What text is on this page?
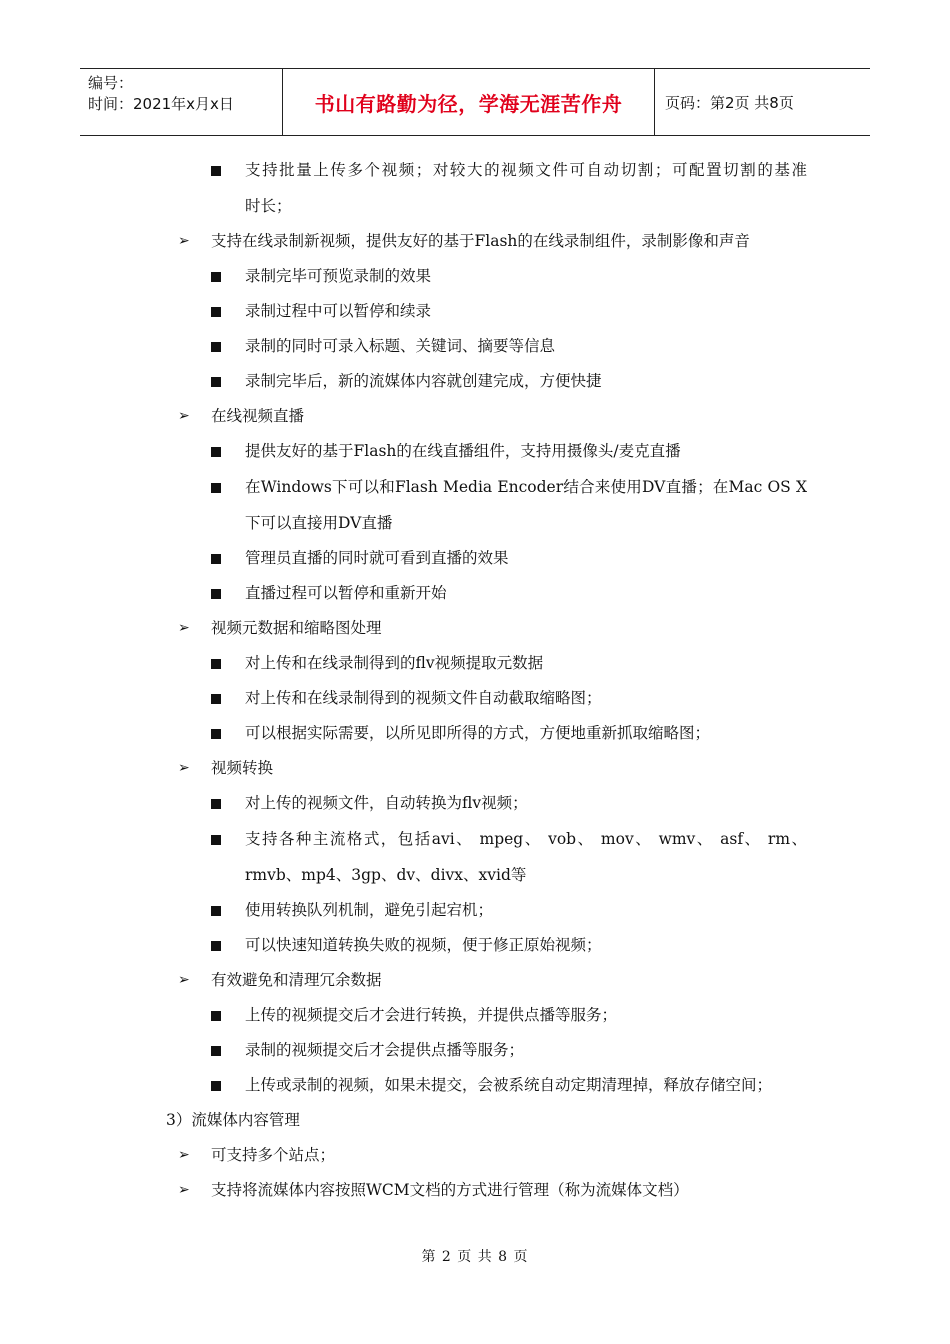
编号：
时间：2021年x月x日	书山有路勤为径，学海无涯苦作舟	页码：第2页 共8页
支持批量上传多个视频；对较大的视频文件可自动切割；可配置切割的基准
时长；
➢ 支持在线录制新视频，提供友好的基于Flash的在线录制组件，录制影像和声音
录制完毕可预览录制的效果
录制过程中可以暂停和续录
录制的同时可录入标题、关键词、摘要等信息
录制完毕后，新的流媒体内容就创建完成，方便快捷
➢ 在线视频直播
提供友好的基于Flash的在线直播组件，支持用摄像头/麦克直播
在Windows下可以和Flash Media Encoder结合来使用DV直播；在Mac OS X
下可以直接用DV直播
管理员直播的同时就可看到直播的效果
直播过程可以暂停和重新开始
➢ 视频元数据和缩略图处理
对上传和在线录制得到的flv视频提取元数据
对上传和在线录制得到的视频文件自动截取缩略图；
可以根据实际需要，以所见即所得的方式，方便地重新抓取缩略图；
➢ 视频转换
对上传的视频文件，自动转换为flv视频；
支持各种主流格式，包括avi、 mpeg、 vob、 mov、 wmv、 asf、 rm、
rmvb、mp4、3gp、dv、divx、xvid等
使用转换队列机制，避免引起宕机；
可以快速知道转换失败的视频，便于修正原始视频；
➢ 有效避免和清理冗余数据
上传的视频提交后才会进行转换，并提供点播等服务；
录制的视频提交后才会提供点播等服务；
上传或录制的视频，如果未提交，会被系统自动定期清理掉，释放存储空间；
3）流媒体内容管理
➢ 可支持多个站点；
➢ 支持将流媒体内容按照WCM文档的方式进行管理（称为流媒体文档）
第 2 页 共 8 页
